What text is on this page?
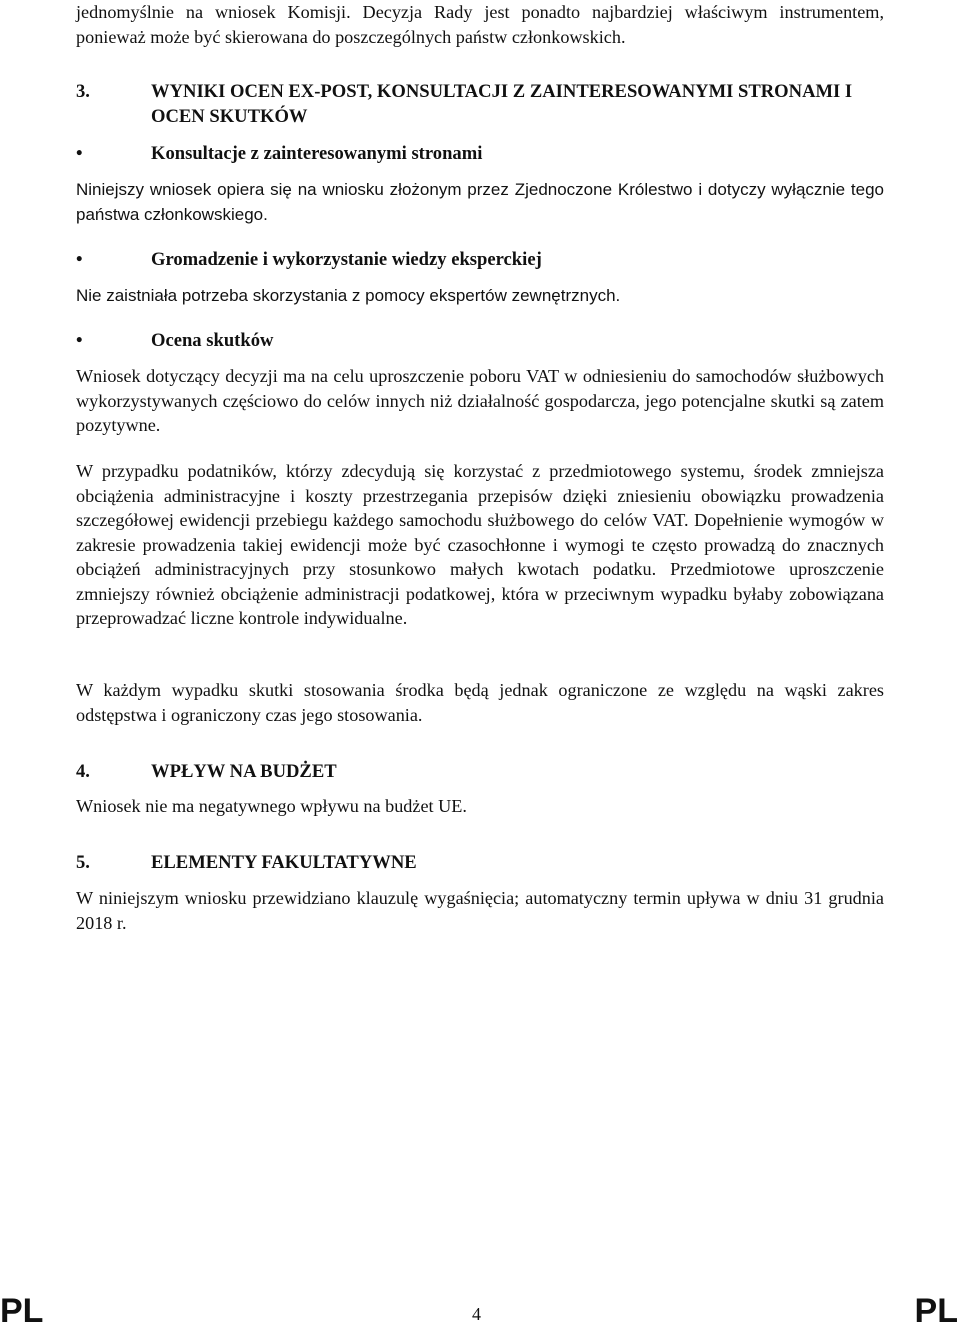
jednomyślnie na wniosek Komisji. Decyzja Rady jest ponadto najbardziej właściwym instrumentem, ponieważ może być skierowana do poszczególnych państw członkowskich.

3.	WYNIKI OCEN EX-POST, KONSULTACJI Z ZAINTERESOWANYMI STRONAMI I OCEN SKUTKÓW
•	Konsultacje z zainteresowanymi stronami

Niniejszy wniosek opiera się na wniosku złożonym przez Zjednoczone Królestwo i dotyczy wyłącznie tego państwa członkowskiego.

•	Gromadzenie i wykorzystanie wiedzy eksperckiej

Nie zaistniała potrzeba skorzystania z pomocy ekspertów zewnętrznych.

•	Ocena skutków

Wniosek dotyczący decyzji ma na celu uproszczenie poboru VAT w odniesieniu do samochodów służbowych wykorzystywanych częściowo do celów innych niż działalność gospodarcza, jego potencjalne skutki są zatem pozytywne.

W przypadku podatników, którzy zdecydują się korzystać z przedmiotowego systemu, środek zmniejsza obciążenia administracyjne i koszty przestrzegania przepisów dzięki zniesieniu obowiązku prowadzenia szczegółowej ewidencji przebiegu każdego samochodu służbowego do celów VAT. Dopełnienie wymogów w zakresie prowadzenia takiej ewidencji może być czasochłonne i wymogi te często prowadzą do znacznych obciążeń administracyjnych przy stosunkowo małych kwotach podatku. Przedmiotowe uproszczenie zmniejszy również obciążenie administracji podatkowej, która w przeciwnym wypadku byłaby zobowiązana przeprowadzać liczne kontrole indywidualne.

W każdym wypadku skutki stosowania środka będą jednak ograniczone ze względu na wąski zakres odstępstwa i ograniczony czas jego stosowania.

4.	WPŁYW NA BUDŻET

Wniosek nie ma negatywnego wpływu na budżet UE.

5.	ELEMENTY FAKULTATYWNE

W niniejszym wniosku przewidziano klauzulę wygaśnięcia; automatyczny termin upływa w dniu 31 grudnia 2018 r.

PL	4	PL
